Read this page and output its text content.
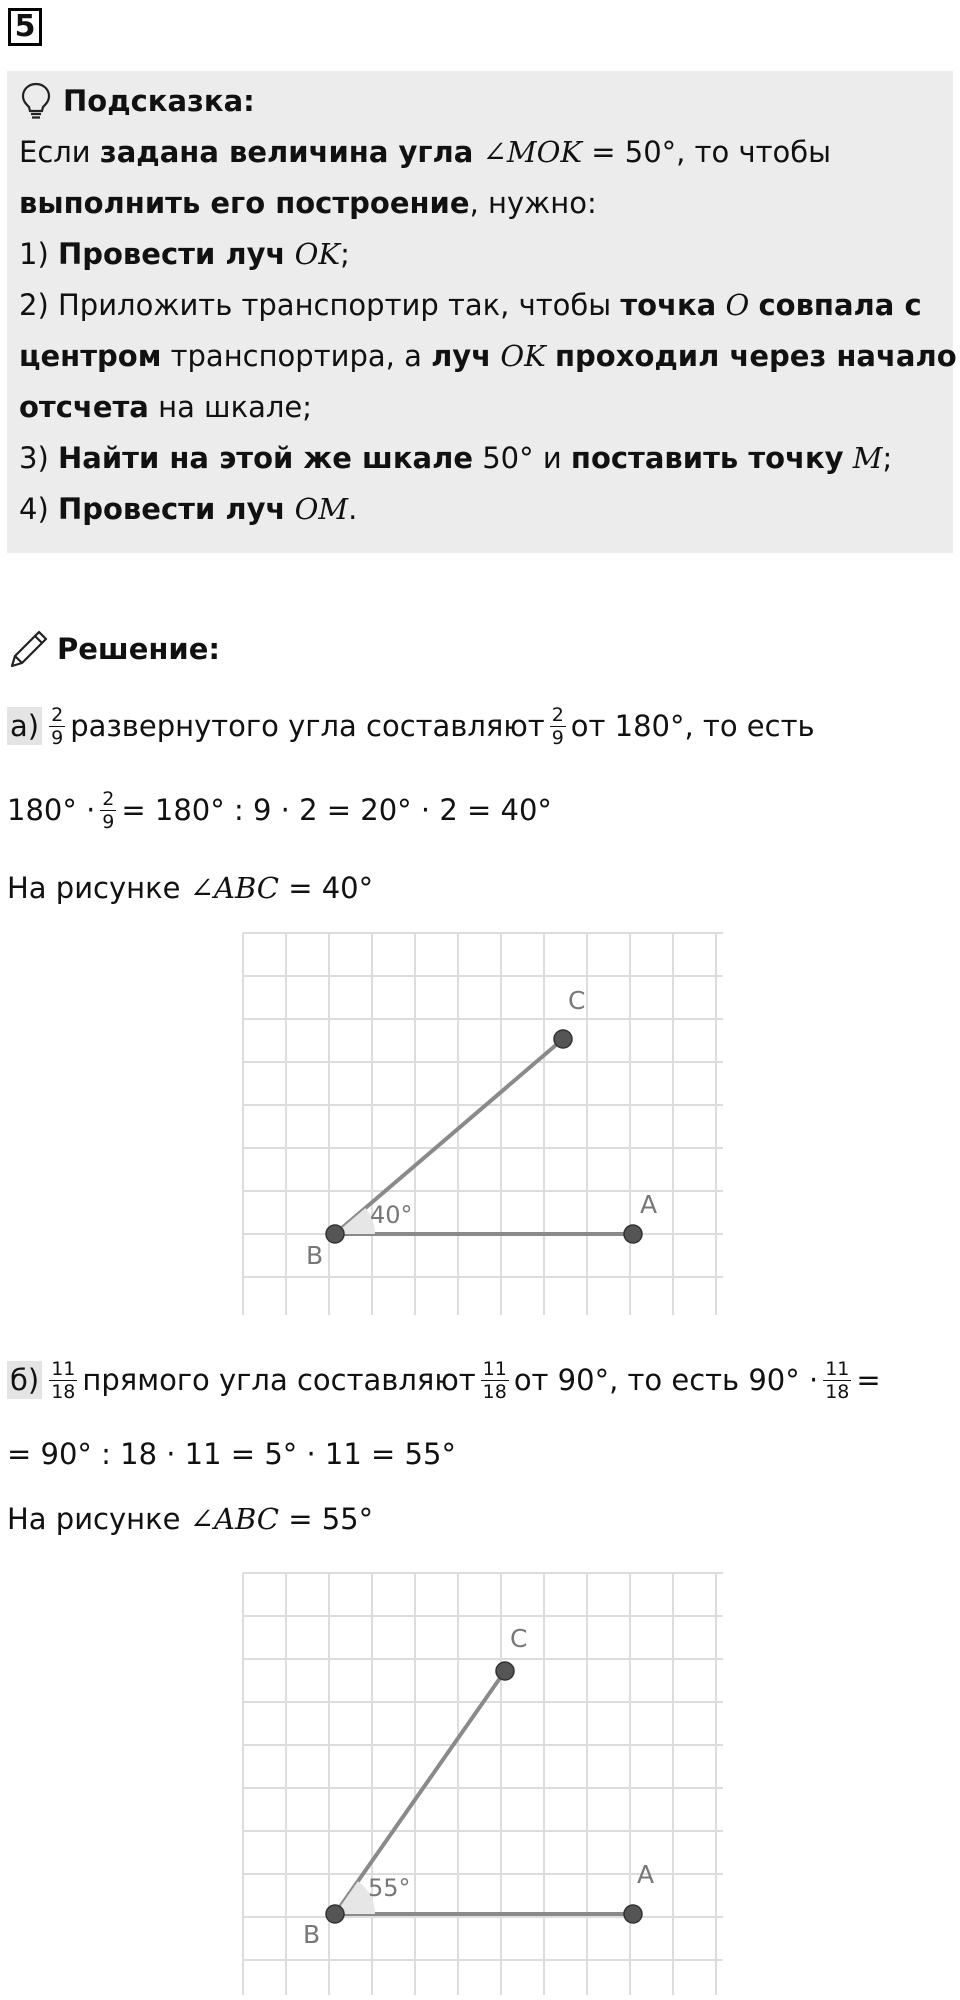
5
Подсказка:

Если задана величина угла ∠MOK = 50°, то чтобы

выполнить его построение, нужно:

1) Провести луч OK;

2) Приложить транспортир так, чтобы точка O совпала с

центром транспортира, а луч OK проходил через начало

отсчета на шкале;

3) Найти на этой же шкале 50° и поставить точку M;

4) Провести луч OM.

Решение:
$а) \frac{2}{9}$ развернутого угла составляют $\frac{2}{9}$ от 180°, то есть
$180^\circ \cdot \frac{2}{9} = 180^\circ$ : 9 · 2 = 20° · 2 = 40°
На рисунке ∠ABC = 40°
C
A
B
40°
$б) \frac{11}{18}$ прямого угла составляют $\frac{11}{18}$ от 90°, то есть $90^\circ \cdot \frac{11}{18}$ =
= 90° : 18 · 11 = 5° · 11 = 55°
На рисунке ∠ABC = 55°
C
A
B
55°
